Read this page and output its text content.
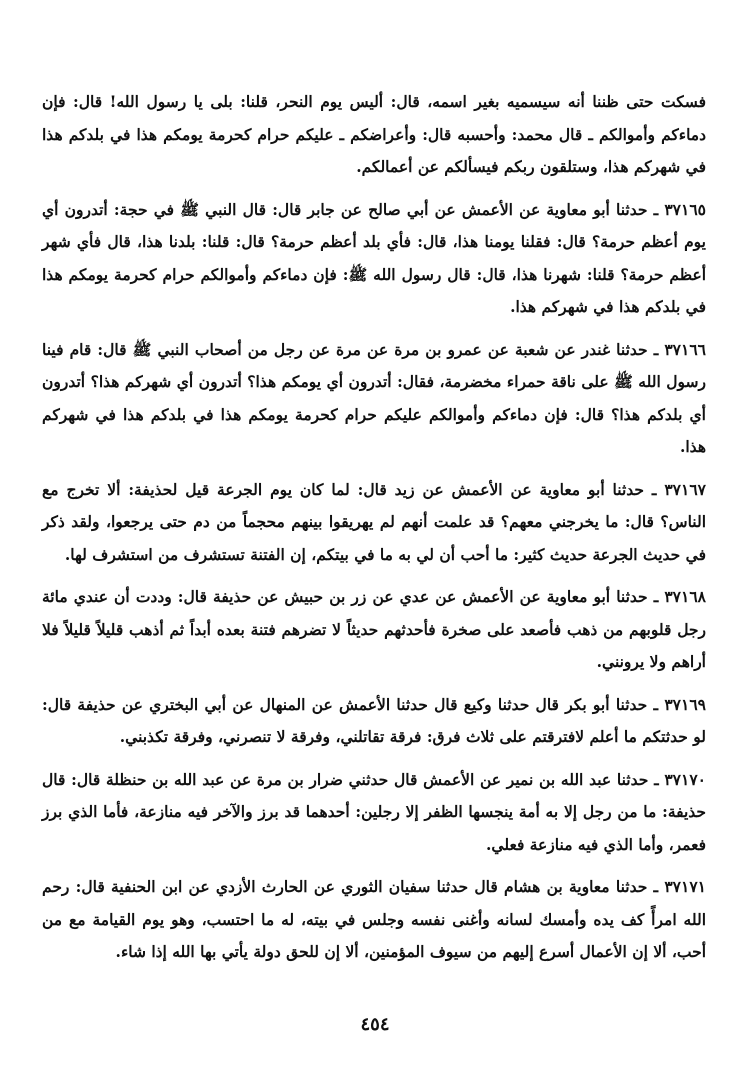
فسكت حتى ظننا أنه سيسميه بغير اسمه، قال: أليس يوم النحر، قلنا: بلى يا رسول الله! قال: فإن دماءكم وأموالكم ـ قال محمد: وأحسبه قال: وأعراضكم ـ عليكم حرام كحرمة يومكم هذا في بلدكم هذا في شهركم هذا، وستلقون ربكم فيسألكم عن أعمالكم.

٣٧١٦٥ ـ حدثنا أبو معاوية عن الأعمش عن أبي صالح عن جابر قال: قال النبي ﷺ في حجة: أتدرون أي يوم أعظم حرمة؟ قال: فقلنا يومنا هذا، قال: فأي بلد أعظم حرمة؟ قال: قلنا: بلدنا هذا، قال فأي شهر أعظم حرمة؟ قلنا: شهرنا هذا، قال: قال رسول الله ﷺ: فإن دماءكم وأموالكم حرام كحرمة يومكم هذا في بلدكم هذا في شهركم هذا.

٣٧١٦٦ ـ حدثنا غندر عن شعبة عن عمرو بن مرة عن مرة عن رجل من أصحاب النبي ﷺ قال: قام فينا رسول الله ﷺ على ناقة حمراء مخضرمة، فقال: أتدرون أي يومكم هذا؟ أتدرون أي شهركم هذا؟ أتدرون أي بلدكم هذا؟ قال: فإن دماءكم وأموالكم عليكم حرام كحرمة يومكم هذا في بلدكم هذا في شهركم هذا.

٣٧١٦٧ ـ حدثنا أبو معاوية عن الأعمش عن زيد قال: لما كان يوم الجرعة قيل لحذيفة: ألا تخرج مع الناس؟ قال: ما يخرجني معهم؟ قد علمت أنهم لم يهريقوا بينهم محجماً من دم حتى يرجعوا، ولقد ذكر في حديث الجرعة حديث كثير: ما أحب أن لي به ما في بيتكم، إن الفتنة تستشرف من استشرف لها.

٣٧١٦٨ ـ حدثنا أبو معاوية عن الأعمش عن عدي عن زر بن حبيش عن حذيفة قال: وددت أن عندي مائة رجل قلوبهم من ذهب فأصعد على صخرة فأحدثهم حديثاً لا تضرهم فتنة بعده أبداً ثم أذهب قليلاً قليلاً فلا أراهم ولا يرونني.

٣٧١٦٩ ـ حدثنا أبو بكر قال حدثنا وكيع قال حدثنا الأعمش عن المنهال عن أبي البختري عن حذيفة قال: لو حدثتكم ما أعلم لافترقتم على ثلاث فرق: فرقة تقاتلني، وفرقة لا تنصرني، وفرقة تكذبني.

٣٧١٧٠ ـ حدثنا عبد الله بن نمير عن الأعمش قال حدثني ضرار بن مرة عن عبد الله بن حنظلة قال: قال حذيفة: ما من رجل إلا به أمة ينجسها الظفر إلا رجلين: أحدهما قد برز والآخر فيه منازعة، فأما الذي برز فعمر، وأما الذي فيه منازعة فعلي.

٣٧١٧١ ـ حدثنا معاوية بن هشام قال حدثنا سفيان الثوري عن الحارث الأزدي عن ابن الحنفية قال: رحم الله امرأً كف يده وأمسك لسانه وأغنى نفسه وجلس في بيته، له ما احتسب، وهو يوم القيامة مع من أحب، ألا إن الأعمال أسرع إليهم من سيوف المؤمنين، ألا إن للحق دولة يأتي بها الله إذا شاء.

٤٥٤
